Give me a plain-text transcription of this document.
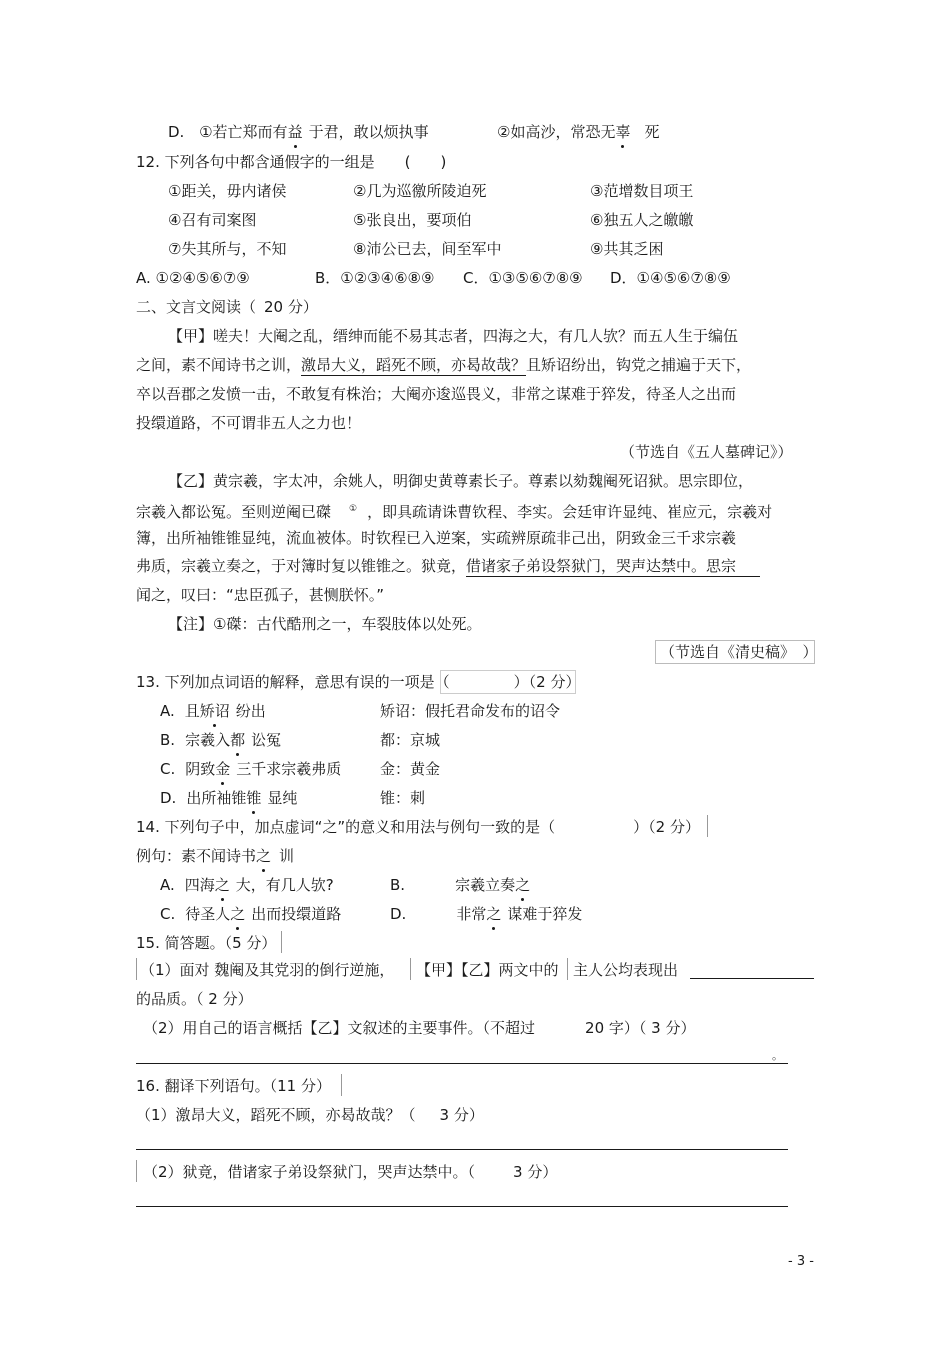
D. ①若亡郑而有益 于君，敢以烦执事	②如高沙，常恐无辜 死
12. 下列各句中都含通假字的一组是 (　　)
①距关，毋内诸侯	②几为巡徼所陵迫死	③范增数目项王
④召有司案图	⑤张良出，要项伯	⑥独五人之皦皦
⑦失其所与，不知	⑧沛公已去，间至军中	⑨共其乏困
A. ①②④⑤⑥⑦⑨	B．①②③④⑥⑧⑨ C．①③⑤⑥⑦⑧⑨ D．①④⑤⑥⑦⑧⑨
二、文言文阅读（ 20 分）
【甲】嗟夫！大阉之乱，缙绅而能不易其志者，四海之大，有几人欤？而五人生于编伍
之间，素不闻诗书之训，激昂大义，蹈死不顾，亦曷故哉？且矫诏纷出，钩党之捕遍于天下，
卒以吾郡之发愤一击，不敢复有株治；大阉亦逡巡畏义，非常之谋难于猝发，待圣人之出而
投缳道路，不可谓非五人之力也！
（节选自《五人墓碑记》）
【乙】黄宗羲，字太冲，余姚人，明御史黄尊素长子。尊素以劾魏阉死诏狱。思宗即位，
宗羲入都讼冤。至则逆阉已磔 ① ，即具疏请诛曹钦程、李实。会廷审许显纯、崔应元，宗羲对
簿，出所袖锥锥显纯，流血被体。时钦程已入逆案，实疏辨原疏非己出，阴致金三千求宗羲
弗质，宗羲立奏之，于对簿时复以锥锥之。狱竟，借诸家子弟设祭狱门，哭声达禁中。思宗
闻之，叹曰：“忠臣孤子，甚恻朕怀。”
【注】①磔：古代酷刑之一，车裂肢体以处死。
（节选自《清史稿》　）
13. 下列加点词语的解释，意思有误的一项是（	）（2 分）
A. 且矫诏 纷出	矫诏：假托君命发布的诏令
B. 宗羲入都 讼冤	都：京城
C. 阴致金 三千求宗羲弗质	金：黄金
D. 出所袖锥锥 显纯	锥：刺
14. 下列句子中，加点虚词“之”的意义和用法与例句一致的是（	）（2 分）
例句：素不闻诗书之 训
A. 四海之 大，有几人欤?	B.	宗羲立奏之
C. 待圣人之 出而投缳道路	D.	非常之 谋难于猝发
15. 简答题。（5 分）
（1）面对 魏阉及其党羽的倒行逆施， 【甲】【乙】两文中的 主人公均表现出
的品质。（ 2 分）
（2）用自己的语言概括【乙】文叙述的主要事件。（不超过	20 字）（ 3 分）
。
16. 翻译下列语句。（11 分）
（1）激昂大义，蹈死不顾，亦曷故哉？（ 3 分）
（2）狱竟，借诸家子弟设祭狱门，哭声达禁中。（	3 分）
- 3 -
